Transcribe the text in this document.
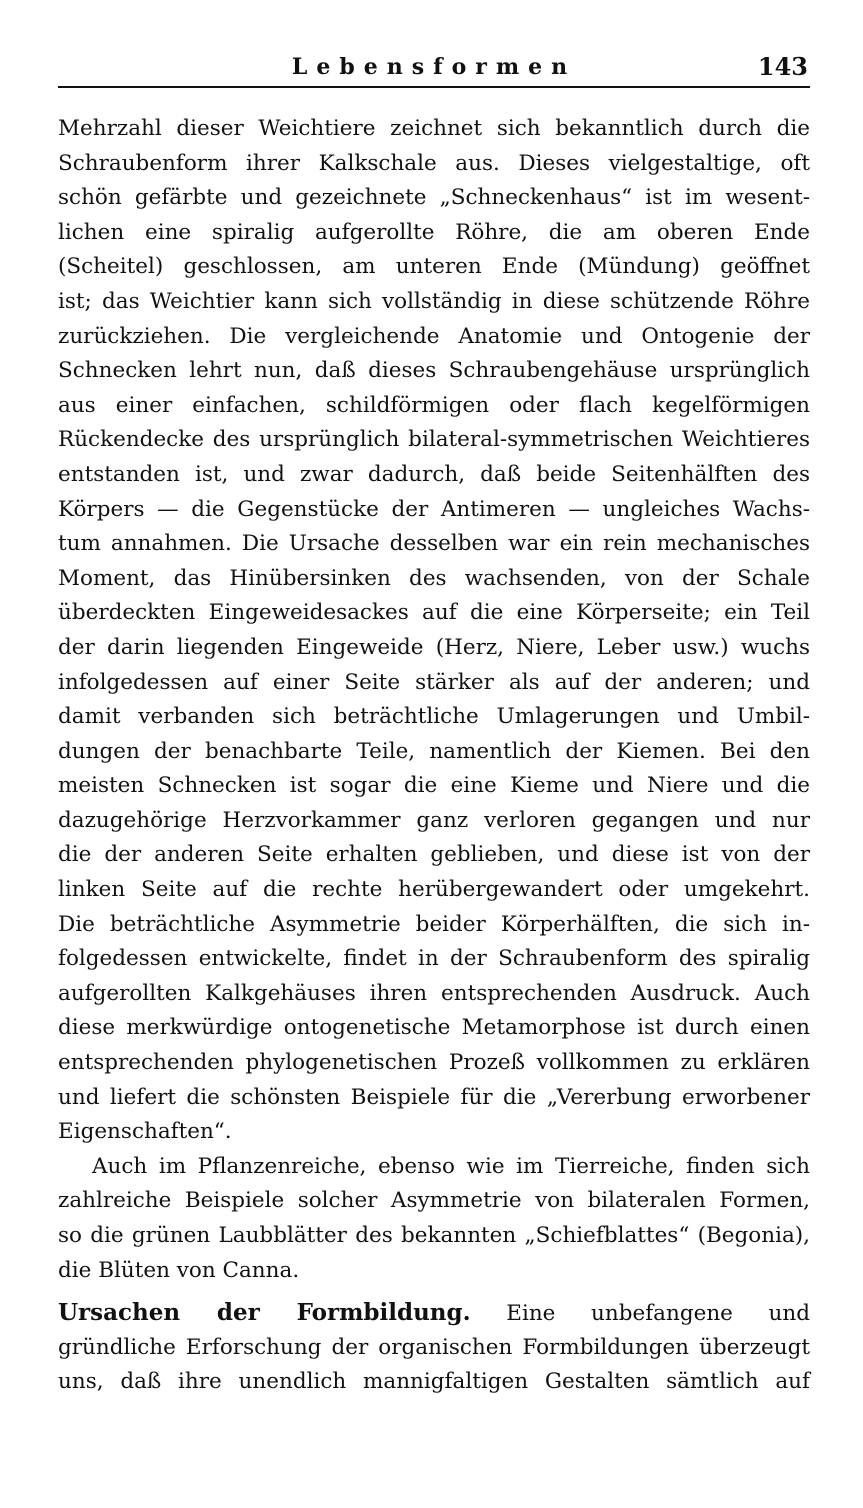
Lebensformen	143
Mehrzahl dieser Weichtiere zeichnet sich bekanntlich durch die
Schraubenform ihrer Kalkschale aus. Dieses vielgestaltige, oft
schön gefärbte und gezeichnete „Schneckenhaus“ ist im wesent-
lichen eine spiralig aufgerollte Röhre, die am oberen Ende
(Scheitel) geschlossen, am unteren Ende (Mündung) geöffnet
ist; das Weichtier kann sich vollständig in diese schützende Röhre
zurückziehen. Die vergleichende Anatomie und Ontogenie der
Schnecken lehrt nun, daß dieses Schraubengehäuse ursprünglich
aus einer einfachen, schildförmigen oder flach kegelförmigen
Rückendecke des ursprünglich bilateral-symmetrischen Weichtieres
entstanden ist, und zwar dadurch, daß beide Seitenhälften des
Körpers — die Gegenstücke der Antimeren — ungleiches Wachs-
tum annahmen. Die Ursache desselben war ein rein mechanisches
Moment, das Hinübersinken des wachsenden, von der Schale
überdeckten Eingeweidesackes auf die eine Körperseite; ein Teil
der darin liegenden Eingeweide (Herz, Niere, Leber usw.) wuchs
infolgedessen auf einer Seite stärker als auf der anderen; und
damit verbanden sich beträchtliche Umlagerungen und Umbil-
dungen der benachbarte Teile, namentlich der Kiemen. Bei den
meisten Schnecken ist sogar die eine Kieme und Niere und die
dazugehörige Herzvorkammer ganz verloren gegangen und nur
die der anderen Seite erhalten geblieben, und diese ist von der
linken Seite auf die rechte herübergewandert oder umgekehrt.
Die beträchtliche Asymmetrie beider Körperhälften, die sich in-
folgedessen entwickelte, findet in der Schraubenform des spiralig
aufgerollten Kalkgehäuses ihren entsprechenden Ausdruck. Auch
diese merkwürdige ontogenetische Metamorphose ist durch einen
entsprechenden phylogenetischen Prozeß vollkommen zu erklären
und liefert die schönsten Beispiele für die „Vererbung erworbener
Eigenschaften“.
Auch im Pflanzenreiche, ebenso wie im Tierreiche, finden sich
zahlreiche Beispiele solcher Asymmetrie von bilateralen Formen,
so die grünen Laubblätter des bekannten „Schiefblattes“ (Begonia),
die Blüten von Canna.
Ursachen der Formbildung. Eine unbefangene und
gründliche Erforschung der organischen Formbildungen überzeugt
uns, daß ihre unendlich mannigfaltigen Gestalten sämtlich auf
